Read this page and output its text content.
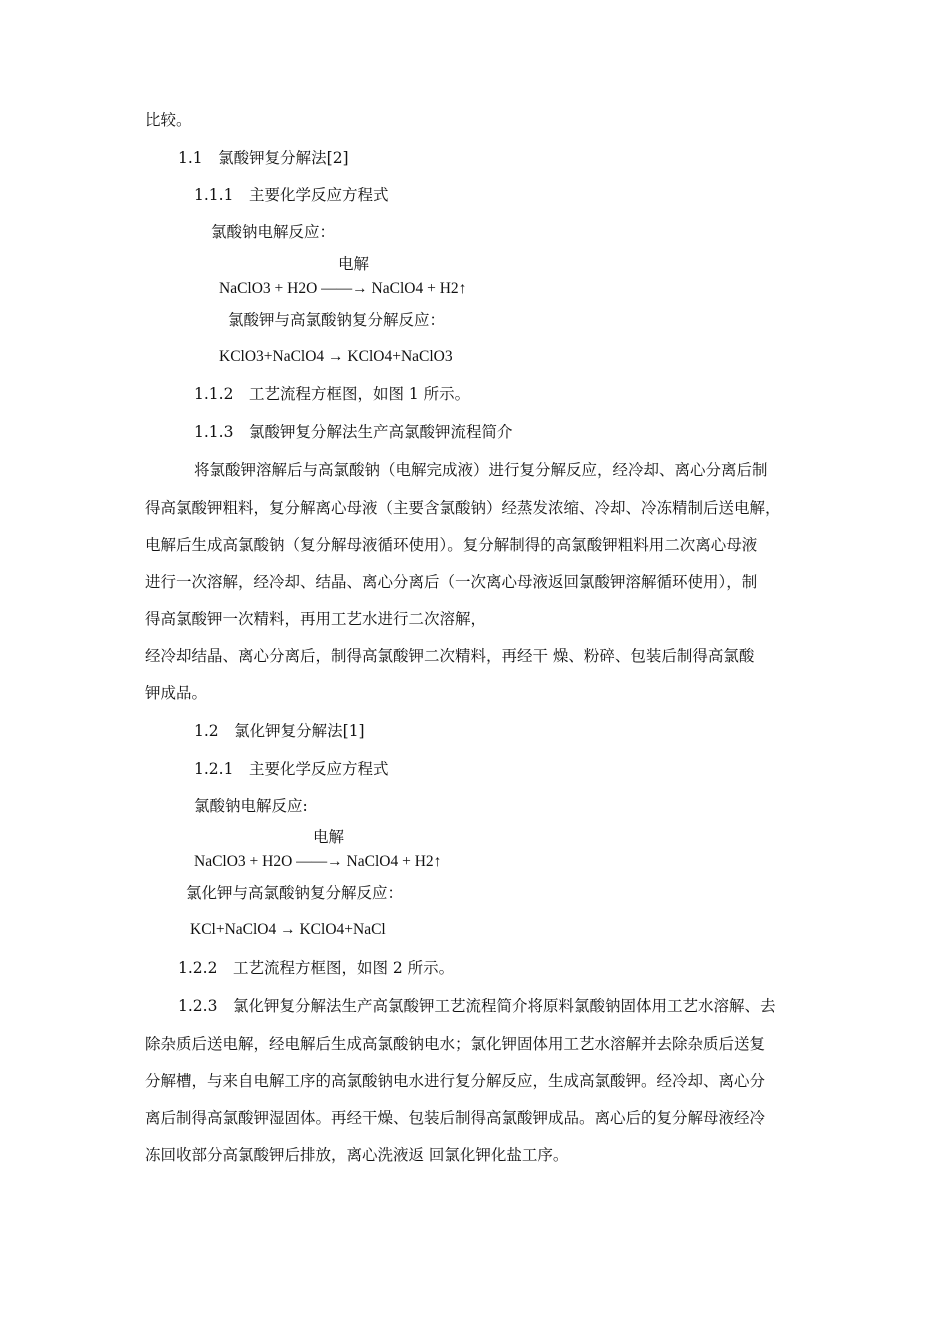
比较。
1.1　氯酸钾复分解法[2]
1.1.1　主要化学反应方程式
氯酸钠电解反应：
电解
NaClO3 + H2O ——→ NaClO4 + H2↑
氯酸钾与高氯酸钠复分解反应：
KClO3+NaClO4 → KClO4+NaClO3
1.1.2　工艺流程方框图，如图 1 所示。
1.1.3　氯酸钾复分解法生产高氯酸钾流程简介
将氯酸钾溶解后与高氯酸钠（电解完成液）进行复分解反应，经冷却、离心分离后制
得高氯酸钾粗料，复分解离心母液（主要含氯酸钠）经蒸发浓缩、冷却、冷冻精制后送电解，
电解后生成高氯酸钠（复分解母液循环使用）。复分解制得的高氯酸钾粗料用二次离心母液
进行一次溶解，经冷却、结晶、离心分离后（一次离心母液返回氯酸钾溶解循环使用），制
得高氯酸钾一次精料，再用工艺水进行二次溶解，
经冷却结晶、离心分离后，制得高氯酸钾二次精料，再经干 燥、粉碎、包装后制得高氯酸
钾成品。
1.2　氯化钾复分解法[1]
1.2.1　主要化学反应方程式
氯酸钠电解反应:
电解
NaClO3 + H2O ——→ NaClO4 + H2↑
氯化钾与高氯酸钠复分解反应：
KCl+NaClO4 → KClO4+NaCl
1.2.2　工艺流程方框图，如图 2 所示。
1.2.3　氯化钾复分解法生产高氯酸钾工艺流程简介将原料氯酸钠固体用工艺水溶解、去
除杂质后送电解，经电解后生成高氯酸钠电水；氯化钾固体用工艺水溶解并去除杂质后送复
分解槽，与来自电解工序的高氯酸钠电水进行复分解反应，生成高氯酸钾。经冷却、离心分
离后制得高氯酸钾湿固体。再经干燥、包装后制得高氯酸钾成品。离心后的复分解母液经冷
冻回收部分高氯酸钾后排放，离心洗液返 回氯化钾化盐工序。
